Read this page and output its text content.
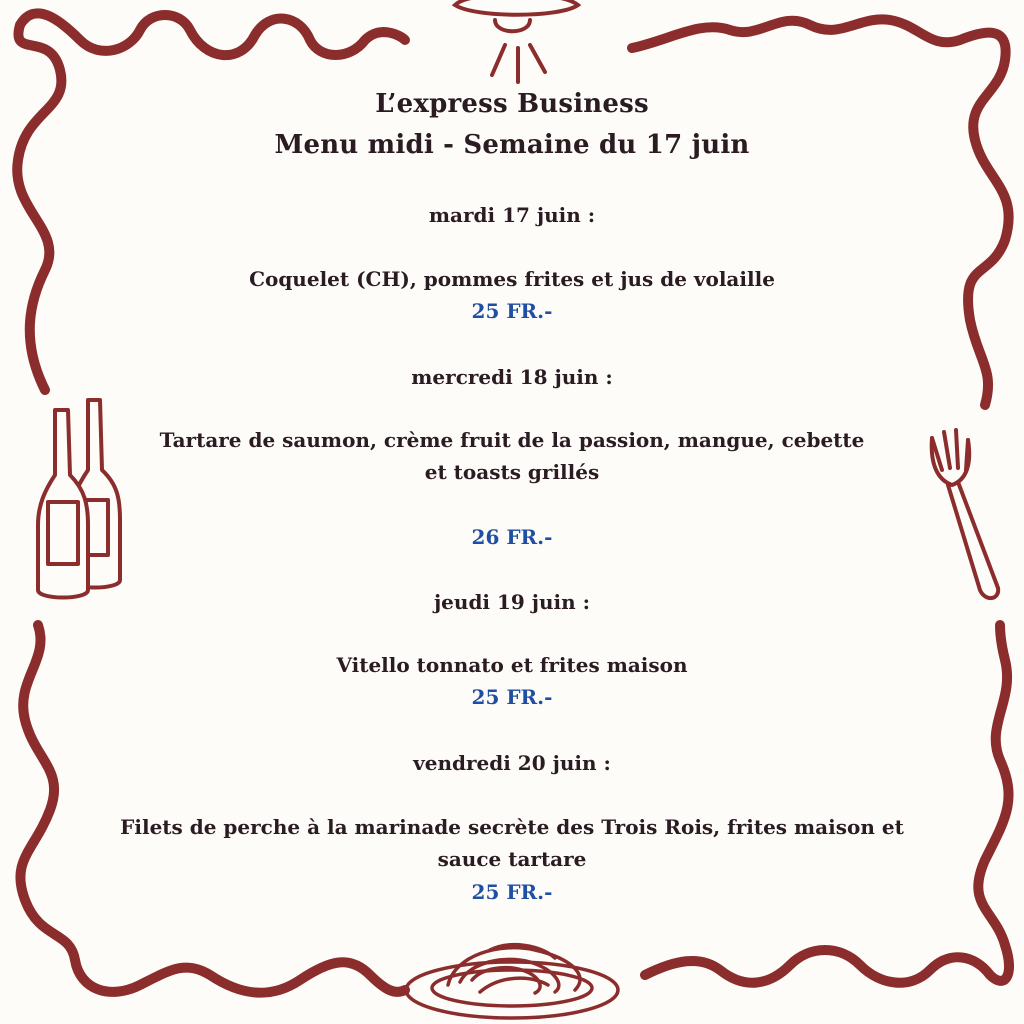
L’express Business
Menu midi - Semaine du 17 juin
mardi 17 juin :
Coquelet (CH), pommes frites et jus de volaille
25 FR.-
mercredi 18 juin :
Tartare de saumon, crème fruit de la passion, mangue, cebette
et toasts grillés
26 FR.-
jeudi 19 juin :
Vitello tonnato et frites maison
25 FR.-
vendredi 20 juin :
Filets de perche à la marinade secrète des Trois Rois, frites maison et
sauce tartare
25 FR.-
